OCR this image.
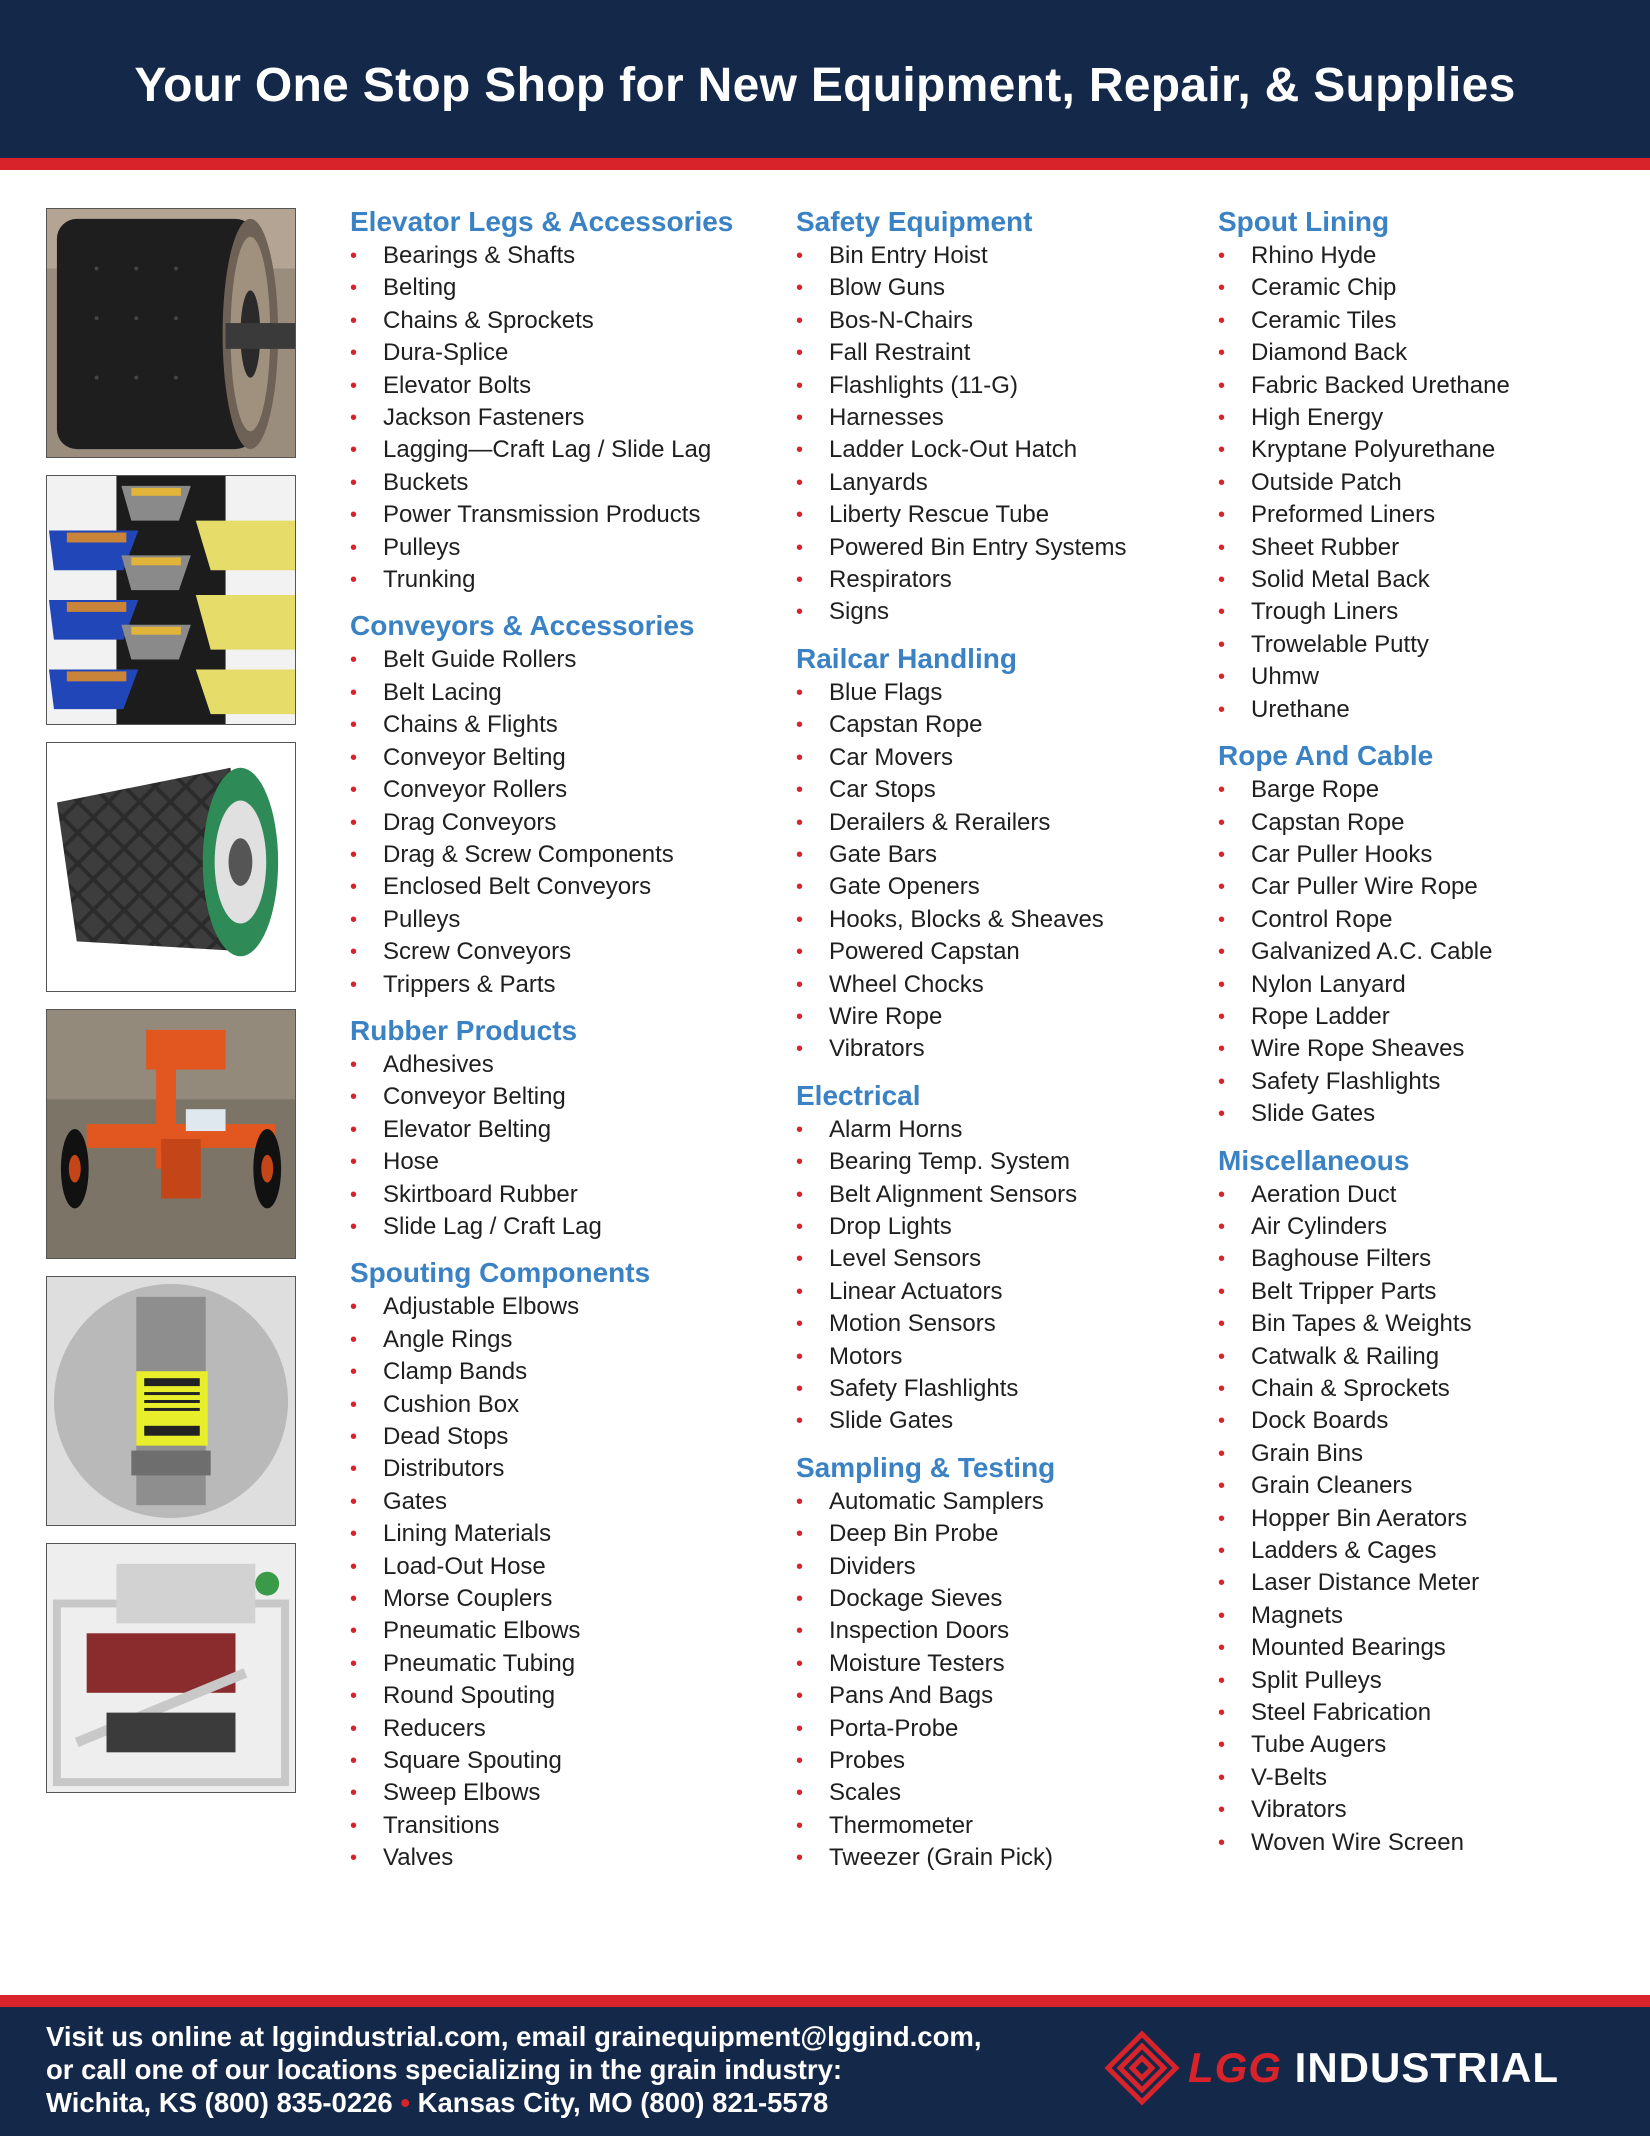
Your One Stop Shop for New Equipment, Repair, & Supplies
Elevator Legs & Accessories
• Bearings & Shafts
• Belting
• Chains & Sprockets
• Dura-Splice
• Elevator Bolts
• Jackson Fasteners
• Lagging—Craft Lag / Slide Lag
• Buckets
• Power Transmission Products
• Pulleys
• Trunking
Conveyors & Accessories
• Belt Guide Rollers
• Belt Lacing
• Chains & Flights
• Conveyor Belting
• Conveyor Rollers
• Drag Conveyors
• Drag & Screw Components
• Enclosed Belt Conveyors
• Pulleys
• Screw Conveyors
• Trippers & Parts
Rubber Products
• Adhesives
• Conveyor Belting
• Elevator Belting
• Hose
• Skirtboard Rubber
• Slide Lag / Craft Lag
Spouting Components
• Adjustable Elbows
• Angle Rings
• Clamp Bands
• Cushion Box
• Dead Stops
• Distributors
• Gates
• Lining Materials
• Load-Out Hose
• Morse Couplers
• Pneumatic Elbows
• Pneumatic Tubing
• Round Spouting
• Reducers
• Square Spouting
• Sweep Elbows
• Transitions
• Valves
Safety Equipment
• Bin Entry Hoist
• Blow Guns
• Bos-N-Chairs
• Fall Restraint
• Flashlights (11-G)
• Harnesses
• Ladder Lock-Out Hatch
• Lanyards
• Liberty Rescue Tube
• Powered Bin Entry Systems
• Respirators
• Signs
Railcar Handling
• Blue Flags
• Capstan Rope
• Car Movers
• Car Stops
• Derailers & Rerailers
• Gate Bars
• Gate Openers
• Hooks, Blocks & Sheaves
• Powered Capstan
• Wheel Chocks
• Wire Rope
• Vibrators
Electrical
• Alarm Horns
• Bearing Temp. System
• Belt Alignment Sensors
• Drop Lights
• Level Sensors
• Linear Actuators
• Motion Sensors
• Motors
• Safety Flashlights
• Slide Gates
Sampling & Testing
• Automatic Samplers
• Deep Bin Probe
• Dividers
• Dockage Sieves
• Inspection Doors
• Moisture Testers
• Pans And Bags
• Porta-Probe
• Probes
• Scales
• Thermometer
• Tweezer (Grain Pick)
Spout Lining
• Rhino Hyde
• Ceramic Chip
• Ceramic Tiles
• Diamond Back
• Fabric Backed Urethane
• High Energy
• Kryptane Polyurethane
• Outside Patch
• Preformed Liners
• Sheet Rubber
• Solid Metal Back
• Trough Liners
• Trowelable Putty
• Uhmw
• Urethane
Rope And Cable
• Barge Rope
• Capstan Rope
• Car Puller Hooks
• Car Puller Wire Rope
• Control Rope
• Galvanized A.C. Cable
• Nylon Lanyard
• Rope Ladder
• Wire Rope Sheaves
• Safety Flashlights
• Slide Gates
Miscellaneous
• Aeration Duct
• Air Cylinders
• Baghouse Filters
• Belt Tripper Parts
• Bin Tapes & Weights
• Catwalk & Railing
• Chain & Sprockets
• Dock Boards
• Grain Bins
• Grain Cleaners
• Hopper Bin Aerators
• Ladders & Cages
• Laser Distance Meter
• Magnets
• Mounted Bearings
• Split Pulleys
• Steel Fabrication
• Tube Augers
• V-Belts
• Vibrators
• Woven Wire Screen
Visit us online at lggindustrial.com, email grainequipment@lggind.com,
or call one of our locations specializing in the grain industry:
Wichita, KS (800) 835-0226 • Kansas City, MO (800) 821-5578
LGG INDUSTRIAL
